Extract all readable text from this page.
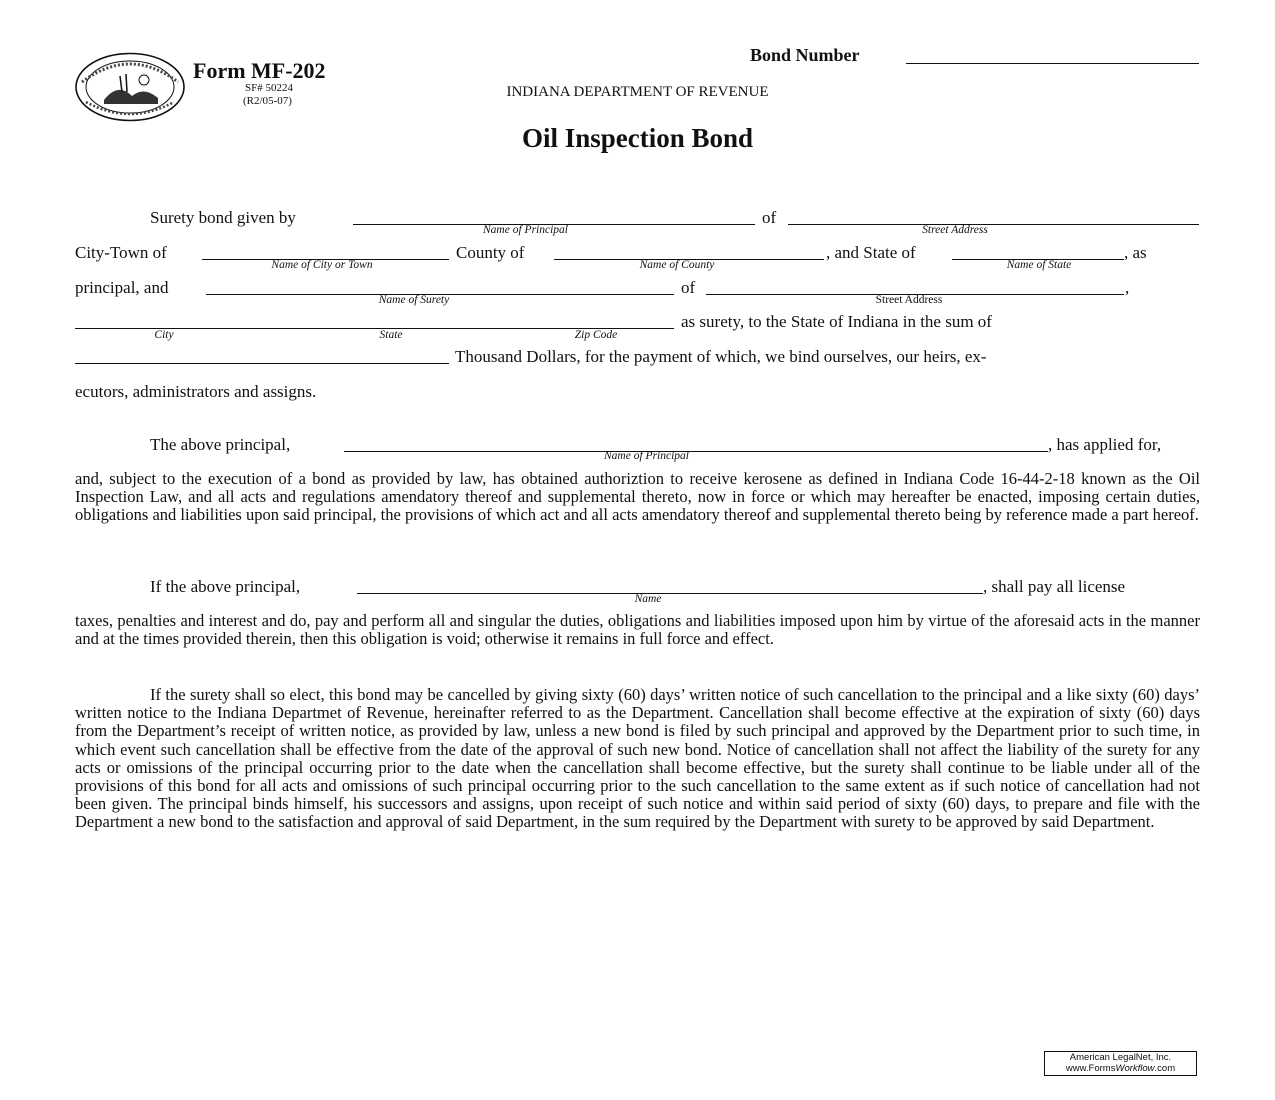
Form MF-202
SF# 50224
(R2/05-07)
Bond Number
INDIANA DEPARTMENT OF REVENUE
Oil Inspection Bond
Surety bond given by
Name of Principal
of
Street Address
City-Town of
Name of City or Town
County of
Name of County
, and State of
Name of State
, as
principal, and
Name of Surety
of
Street Address
,
City	State	Zip Code
as surety, to the State of Indiana in the sum of
Thousand Dollars, for the payment of which, we bind ourselves, our heirs, ex-
ecutors, administrators and assigns.
The above principal,
Name of Principal
, has applied for,
and, subject to the execution of a bond as provided by law, has obtained authoriztion to receive kerosene as defined in Indiana Code 16-44-2-18 known as the Oil Inspection Law, and all acts and regulations amendatory thereof and supplemental thereto, now in force or which may hereafter be enacted, imposing certain duties, obligations and liabilities upon said principal, the provisions of which act and all acts amendatory thereof and supplemental thereto being by reference made a part hereof.
If the above principal,
Name
, shall pay all license
taxes, penalties and interest and do, pay and perform all and singular the duties, obligations and liabilities imposed upon him by virtue of the aforesaid acts in the manner and at the times provided therein, then this obligation is void; otherwise it remains in full force and effect.
If the surety shall so elect, this bond may be cancelled by giving sixty (60) days’ written notice of such cancellation to the principal and a like sixty (60) days’ written notice to the Indiana Departmet of Revenue, hereinafter referred to as the Department. Cancellation shall become effective at the expiration of sixty (60) days from the Department’s receipt of written notice, as provided by law, unless a new bond is filed by such principal and approved by the Department prior to such time, in which event such cancellation shall be effective from the date of the approval of such new bond. Notice of cancellation shall not affect the liability of the surety for any acts or omissions of the principal occurring prior to the date when the cancellation shall become effective, but the surety shall continue to be liable under all of the provisions of this bond for all acts and omissions of such principal occurring prior to the such cancellation to the same extent as if such notice of cancellation had not been given. The principal binds himself, his successors and assigns, upon receipt of such notice and within said period of sixty (60) days, to prepare and file with the Department a new bond to the satisfaction and approval of said Department, in the sum required by the Department with surety to be approved by said Department.
American LegalNet, Inc.
www.FormsWorkflow.com
